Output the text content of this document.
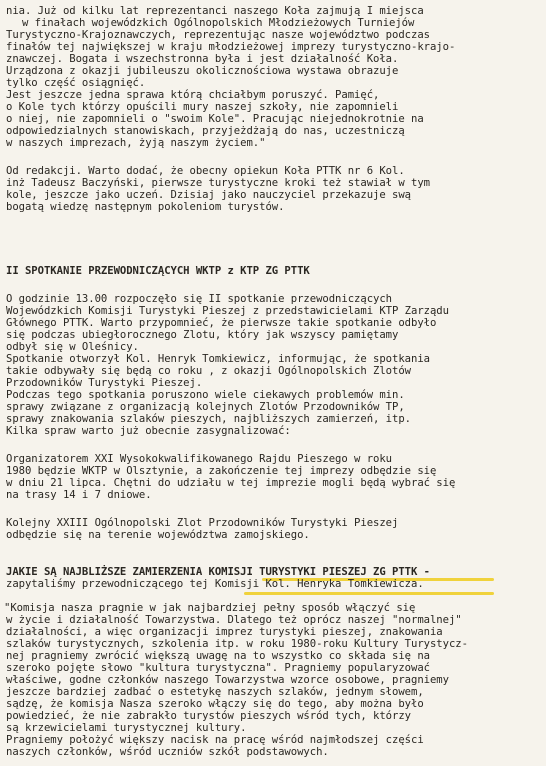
nia. Już od kilku lat reprezentanci naszego Koła zajmują I miejsca
w finałach wojewódzkich Ogólnopolskich Młodzieżowych Turniejów
Turystyczno-Krajoznawczych, reprezentując nasze województwo podczas
finałów tej największej w kraju młodzieżowej imprezy turystyczno-krajo-
znawczej. Bogata i wszechstronna była i jest działalność Koła.
Urządzona z okazji jubileuszu okolicznościowa wystawa obrazuje
tylko część osiągnięć.
Jest jeszcze jedna sprawa którą chciałbym poruszyć. Pamięć,
o Kole tych którzy opuścili mury naszej szkoły, nie zapomnieli
o niej, nie zapomnieli o "swoim Kole". Pracując niejednokrotnie na
odpowiedzialnych stanowiskach, przyjeżdżają do nas, uczestniczą
w naszych imprezach, żyją naszym życiem."
Od redakcji. Warto dodać, że obecny opiekun Koła PTTK nr 6 Kol.
inż Tadeusz Baczyński, pierwsze turystyczne kroki też stawiał w tym
kole, jeszcze jako uczeń. Dzisiaj jako nauczyciel przekazuje swą
bogatą wiedzę następnym pokoleniom turystów.
II SPOTKANIE PRZEWODNICZĄCYCH WKTP z KTP ZG PTTK
O godzinie 13.00 rozpoczęło się II spotkanie przewodniczących
Wojewódzkich Komisji Turystyki Pieszej z przedstawicielami KTP Zarządu
Głównego PTTK. Warto przypomnieć, że pierwsze takie spotkanie odbyło
się podczas ubiegłorocznego Zlotu, który jak wszyscy pamiętamy
odbył się w Oleśnicy.
Spotkanie otworzył Kol. Henryk Tomkiewicz, informując, że spotkania
takie odbywały się będą co roku , z okazji Ogólnopolskich Zlotów
Przodowników Turystyki Pieszej.
Podczas tego spotkania poruszono wiele ciekawych problemów min.
sprawy związane z organizacją kolejnych Zlotów Przodowników TP,
sprawy znakowania szlaków pieszych, najbliższych zamierzeń, itp.
Kilka spraw warto już obecnie zasygnalizować:
Organizatorem XXI Wysokokwalifikowanego Rajdu Pieszego w roku
1980 będzie WKTP w Olsztynie, a zakończenie tej imprezy odbędzie się
w dniu 21 lipca. Chętni do udziału w tej imprezie mogli będą wybrać się
na trasy 14 i 7 dniowe.
Kolejny XXIII Ogólnopolski Zlot Przodowników Turystyki Pieszej
odbędzie się na terenie województwa zamojskiego.
JAKIE SĄ NAJBLIŻSZE ZAMIERZENIA KOMISJI TURYSTYKI PIESZEJ ZG PTTK -
zapytaliśmy przewodniczącego tej Komisji Kol. Henryka Tomkiewicza.
"Komisja nasza pragnie w jak najbardziej pełny sposób włączyć się
w życie i działalność Towarzystwa. Dlatego też oprócz naszej "normalnej"
działalności, a więc organizacji imprez turystyki pieszej, znakowania
szlaków turystycznych, szkolenia itp. w roku 1980-roku Kultury Turystycz-
nej pragniemy zwrócić większą uwagę na to wszystko co składa się na
szeroko pojęte słowo "kultura turystyczna". Pragniemy popularyzować
właściwe, godne członków naszego Towarzystwa wzorce osobowe, pragniemy
jeszcze bardziej zadbać o estetykę naszych szlaków, jednym słowem,
sądzę, że komisja Nasza szeroko włączy się do tego, aby można było
powiedzieć, że nie zabrakło turystów pieszych wśród tych, którzy
są krzewicielami turystycznej kultury.
Pragniemy położyć większy nacisk na pracę wśród najmłodszej części
naszych członków, wśród uczniów szkół podstawowych.
